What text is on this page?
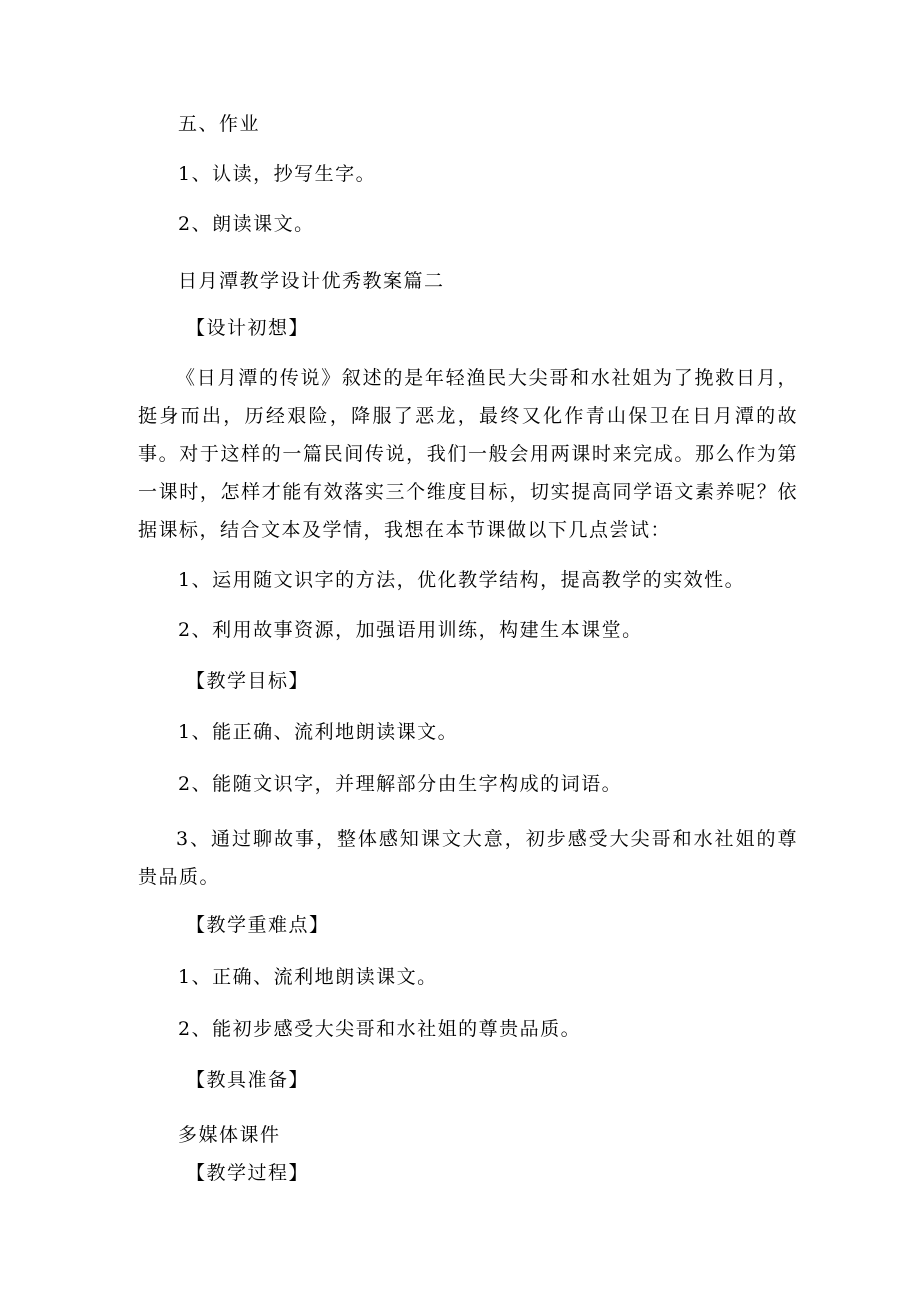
五、作业
1、认读，抄写生字。
2、朗读课文。
日月潭教学设计优秀教案篇二
【设计初想】
《日月潭的传说》叙述的是年轻渔民大尖哥和水社姐为了挽救日月，挺身而出，历经艰险，降服了恶龙，最终又化作青山保卫在日月潭的故事。对于这样的一篇民间传说，我们一般会用两课时来完成。那么作为第一课时，怎样才能有效落实三个维度目标，切实提高同学语文素养呢？依据课标，结合文本及学情，我想在本节课做以下几点尝试：
1、运用随文识字的方法，优化教学结构，提高教学的实效性。
2、利用故事资源，加强语用训练，构建生本课堂。
【教学目标】
1、能正确、流利地朗读课文。
2、能随文识字，并理解部分由生字构成的词语。
3、通过聊故事，整体感知课文大意，初步感受大尖哥和水社姐的尊贵品质。
【教学重难点】
1、正确、流利地朗读课文。
2、能初步感受大尖哥和水社姐的尊贵品质。
【教具准备】
多媒体课件
【教学过程】
